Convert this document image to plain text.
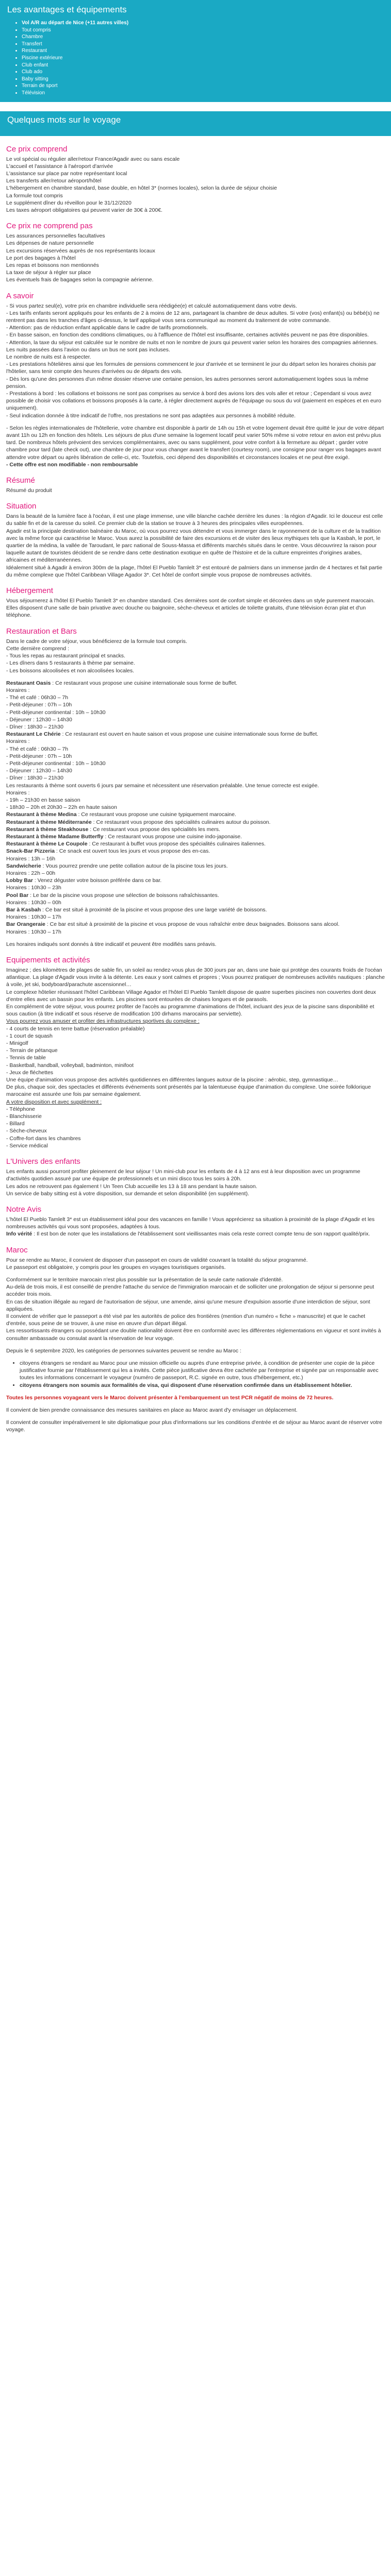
Les avantages et équipements
• Vol A/R au départ de Nice (+11 autres villes)
• Tout compris
• Chambre
• Transfert
• Restaurant
• Piscine extérieure
• Club enfant
• Club ado
• Baby sitting
• Terrain de sport
• Télévision
Quelques mots sur le voyage
Ce prix comprend

Le vol spécial ou régulier aller/retour France/Agadir avec ou sans escale

L'accueil et l'assistance à l'aéroport d'arrivée

L'assistance sur place par notre représentant local

Les transferts aller/retour aéroport/hôtel

L'hébergement en chambre standard, base double, en hôtel 3* (normes locales), selon la durée de séjour choisie

La formule tout compris

Le supplément dîner du réveillon pour le 31/12/2020

Les taxes aéroport obligatoires qui peuvent varier de 30€ à 200€.

Ce prix ne comprend pas

Les assurances personnelles facultatives

Les dépenses de nature personnelle

Les excursions réservées auprès de nos représentants locaux

Le port des bagages à l'hôtel

Les repas et boissons non mentionnés

La taxe de séjour à régler sur place

Les éventuels frais de bagages selon la compagnie aérienne.

A savoir

- Si vous partez seul(e), votre prix en chambre individuelle sera réédigée(e) et calculé automatiquement dans votre devis.

- Les tarifs enfants seront appliqués pour les enfants de 2 à moins de 12 ans, partageant la chambre de deux adultes. Si votre (vos) enfant(s) ou bébé(s) ne rentrent pas dans les tranches d'âges ci-dessus, le tarif appliqué vous sera communiqué au moment du traitement de votre commande.

- Attention: pas de réduction enfant applicable dans le cadre de tarifs promotionnels.

- En basse saison, en fonction des conditions climatiques, ou à l'affluence de l'hôtel est insuffisante, certaines activités peuvent ne pas être disponibles.

- Attention, la taxe du séjour est calculée sur le nombre de nuits et non le nombre de jours qui peuvent varier selon les horaires des compagnies aériennes. Les nuits passées dans l'avion ou dans un bus ne sont pas incluses.

Le nombre de nuits est à respecter.

- Les prestations hôtelières ainsi que les formules de pensions commencent le jour d'arrivée et se terminent le jour du départ selon les horaires choisis par l'hôtelier, sans tenir compte des heures d'arrivées ou de départs des vols.

- Dès lors qu'une des personnes d'un même dossier réserve une certaine pension, les autres personnes seront automatiquement logées sous la même pension.

- Prestations à bord : les collations et boissons ne sont pas comprises au service à bord des avions lors des vols aller et retour ; Cependant si vous avez possible de choisir vos collations et boissons proposés à la carte, à régler directement auprès de l'équipage ou sous du vol (paiement en espèces et en euro uniquement).

- Seul indication donnée à titre indicatif de l'offre, nos prestations ne sont pas adaptées aux personnes à mobilité réduite.

- Selon les règles internationales de l'hôtellerie, votre chambre est disponible à partir de 14h ou 15h et votre logement devait être quitté le jour de votre départ avant 11h ou 12h en fonction des hôtels. Les séjours de plus d'une semaine la logement locatif peut varier 50% même si votre retour en avion est prévu plus tard. De nombreux hôtels prévoient des services complémentaires, avec ou sans supplément, pour votre confort à la fermeture au départ ; garder votre chambre pour tard (late check out), une chambre de jour pour vous changer avant le transfert (courtesy room), une consigne pour ranger vos bagages avant attendre votre départ ou après libération de celle-ci, etc. Toutefois, ceci dépend des disponibilités et circonstances locales et ne peut être exigé.

- Cette offre est non modifiable - non remboursable

Résumé

Résumé du produit

Situation

Dans la beauté de la lumière face à l'océan, il est une plage immense, une ville blanche cachée derrière les dunes : la région d'Agadir. Ici le douceur est celle du sable fin et de la caresse du soleil. Ce premier club de la station se trouve à 3 heures des principales villes européennes.

Agadir est la principale destination balnéaire du Maroc, où vous pourrez vous détendre et vous immerger dans le rayonnement de la culture et de la tradition avec la même force qui caractérise le Maroc. Vous aurez la possibilité de faire des excursions et de visiter des lieux mythiques tels que la Kasbah, le port, le quartier de la médina, la vallée de Taroudant, le parc national de Souss-Massa et différents marchés situés dans le centre. Vous découvrirez la raison pour laquelle autant de touristes décident de se rendre dans cette destination exotique en quête de l'histoire et de la culture empreintes d'origines arabes, africaines et méditerranéennes.

Idéalement situé à Agadir à environ 300m de la plage, l'hôtel El Pueblo Tamlelt 3* est entouré de palmiers dans un immense jardin de 4 hectares et fait partie du même complexe que l'hôtel Caribbean Village Agador 3*. Cet hôtel de confort simple vous propose de nombreuses activités.

Hébergement

Vous séjournerez à l'hôtel El Pueblo Tamlelt 3* en chambre standard. Ces dernières sont de confort simple et décorées dans un style purement marocain. Elles disposent d'une salle de bain privative avec douche ou baignoire, sèche-cheveux et articles de toilette gratuits, d'une télévision écran plat et d'un téléphone.

Restauration et Bars

Dans le cadre de votre séjour, vous bénéficierez de la formule tout compris.

Cette dernière comprend :

- Tous les repas au restaurant principal et snacks.

- Les dîners dans 5 restaurants à thème par semaine.

- Les boissons alcoolisées et non alcoolisées locales.

Restaurant Oasis : Ce restaurant vous propose une cuisine internationale sous forme de buffet.

Horaires :

- Thé et café : 06h30 – 7h

- Petit-déjeuner : 07h – 10h

- Petit-déjeuner continental : 10h – 10h30

- Déjeuner : 12h30 – 14h30

- Dîner : 18h30 – 21h30

Restaurant Le Chérie : Ce restaurant est ouvert en haute saison et vous propose une cuisine internationale sous forme de buffet.

Horaires :

- Thé et café : 06h30 – 7h

- Petit-déjeuner : 07h – 10h

- Petit-déjeuner continental : 10h – 10h30

- Déjeuner : 12h30 – 14h30

- Dîner : 18h30 – 21h30

Les restaurants à thème sont ouverts 6 jours par semaine et nécessitent une réservation préalable. Une tenue correcte est exigée.

Horaires :

- 19h – 21h30 en basse saison

- 18h30 – 20h et 20h30 – 22h en haute saison

Restaurant à thème Medina : Ce restaurant vous propose une cuisine typiquement marocaine.

Restaurant à thème Méditerranée : Ce restaurant vous propose des spécialités culinaires autour du poisson.

Restaurant à thème Steakhouse : Ce restaurant vous propose des spécialités les mers.

Restaurant à thème Madame Butterfly : Ce restaurant vous propose une cuisine indo-japonaise.

Restaurant à thème Le Coupole : Ce restaurant à buffet vous propose des spécialités culinaires italiennes.

Snack-Bar Pizzeria : Ce snack est ouvert tous les jours et vous propose des en-cas.

Horaires : 13h – 16h

Sandwicherie : Vous pourrez prendre une petite collation autour de la piscine tous les jours.

Horaires : 22h – 00h

Lobby Bar : Venez déguster votre boisson préférée dans ce bar.

Horaires : 10h30 – 23h

Pool Bar : Le bar de la piscine vous propose une sélection de boissons rafraîchissantes.

Horaires : 10h30 – 00h

Bar à Kasbah : Ce bar est situé à proximité de la piscine et vous propose des une large variété de boissons.

Horaires : 10h30 – 17h

Bar Orangeraie : Ce bar est situé à proximité de la piscine et vous propose de vous rafraîchir entre deux baignades. Boissons sans alcool.

Horaires : 10h30 – 17h

Les horaires indiqués sont donnés à titre indicatif et peuvent être modifiés sans préavis.

Equipements et activités

Imaginez ; des kilomètres de plages de sable fin, un soleil au rendez-vous plus de 300 jours par an, dans une baie qui protège des courants froids de l'océan atlantique. La plage d'Agadir vous invite à la détente. Les eaux y sont calmes et propres ; Vous pourrez pratiquer de nombreuses activités nautiques : planche à voile, jet ski, bodyboard/parachute ascensionnel…

Le complexe hôtelier réunissant l'hôtel Caribbean Village Agador et l'hôtel El Pueblo Tamlelt dispose de quatre superbes piscines non couvertes dont deux d'entre elles avec un bassin pour les enfants. Les piscines sont entourées de chaises longues et de parasols.

En complément de votre séjour, vous pourrez profiter de l'accès au programme d'animations de l'hôtel, incluant des jeux de la piscine sans disponibilité et sous caution (à titre indicatif et sous réserve de modification 100 dirhams marocains par serviette).

Vous pourrez vous amuser et profiter des infrastructures sportives du complexe :

- 4 courts de tennis en terre battue (réservation préalable)

- 1 court de squash

- Minigolf

- Terrain de pétanque

- Tennis de table

- Basketball, handball, volleyball, badminton, minifoot

- Jeux de fléchettes

Une équipe d'animation vous propose des activités quotidiennes en différentes langues autour de la piscine : aérobic, step, gymnastique…

De plus, chaque soir, des spectacles et différents événements sont présentés par la talentueuse équipe d'animation du complexe. Une soirée folklorique marocaine est assurée une fois par semaine également.

A votre disposition et avec supplément :

- Téléphone

- Blanchisserie

- Billard

- Sèche-cheveux

- Coffre-fort dans les chambres

- Service médical

L'Univers des enfants

Les enfants aussi pourront profiter pleinement de leur séjour ! Un mini-club pour les enfants de 4 à 12 ans est à leur disposition avec un programme d'activités quotidien assuré par une équipe de professionnels et un mini disco tous les soirs à 20h.

Les ados ne retrouvent pas également ! Un Teen Club accueille les 13 à 18 ans pendant la haute saison.

Un service de baby sitting est à votre disposition, sur demande et selon disponibilité (en supplément).

Notre Avis

L'hôtel El Pueblo Tamlelt 3* est un établissement idéal pour des vacances en famille ! Vous apprécierez sa situation à proximité de la plage d'Agadir et les nombreuses activités qui vous sont proposées, adaptées à tous.

Info vérité : Il est bon de noter que les installations de l'établissement sont vieillissantes mais cela reste correct compte tenu de son rapport qualité/prix.

Maroc

Pour se rendre au Maroc, il convient de disposer d'un passeport en cours de validité couvrant la totalité du séjour programmé.

Le passeport est obligatoire, y compris pour les groupes en voyages touristiques organisés.

Conformément sur le territoire marocain n'est plus possible sur la présentation de la seule carte nationale d'identité.

Au-delà de trois mois, il est conseillé de prendre l'attache du service de l'immigration marocain et de solliciter une prolongation de séjour si personne peut accéder trois mois.

En cas de situation illégale au regard de l'autorisation de séjour, une amende, ainsi qu'une mesure d'expulsion assortie d'une interdiction de séjour, sont appliquées.

Il convient de vérifier que le passeport a été visé par les autorités de police des frontières (mention d'un numéro « fiche » manuscrite) et que le cachet d'entrée, sous peine de se trouver, à une mise en œuvre d'un départ illégal.

Les ressortissants étrangers ou possédant une double nationalité doivent être en conformité avec les différentes réglementations en vigueur et sont invités à consulter ambassade ou consulat avant la réservation de leur voyage.

Depuis le 6 septembre 2020, les catégories de personnes suivantes peuvent se rendre au Maroc :

• citoyens étrangers se rendant au Maroc pour une mission officielle ou auprès d'une entreprise privée, à condition de présenter une copie de la pièce justificative fournie par l'établissement qui les a invités. Cette pièce justificative devra être cachetée par l'entreprise et signée par un responsable avec toutes les informations concernant le voyageur (numéro de passeport, R.C. signée en outre, tous d'hébergement, etc.)
• citoyens étrangers non soumis aux formalités de visa, qui disposent d'une réservation confirmée dans un établissement hôtelier.

Toutes les personnes voyageant vers le Maroc doivent présenter à l'embarquement un test PCR négatif de moins de 72 heures.

Il convient de bien prendre connaissance des mesures sanitaires en place au Maroc avant d'y envisager un déplacement.

Il convient de consulter impérativement le site diplomatique pour plus d'informations sur les conditions d'entrée et de séjour au Maroc avant de réserver votre voyage.
